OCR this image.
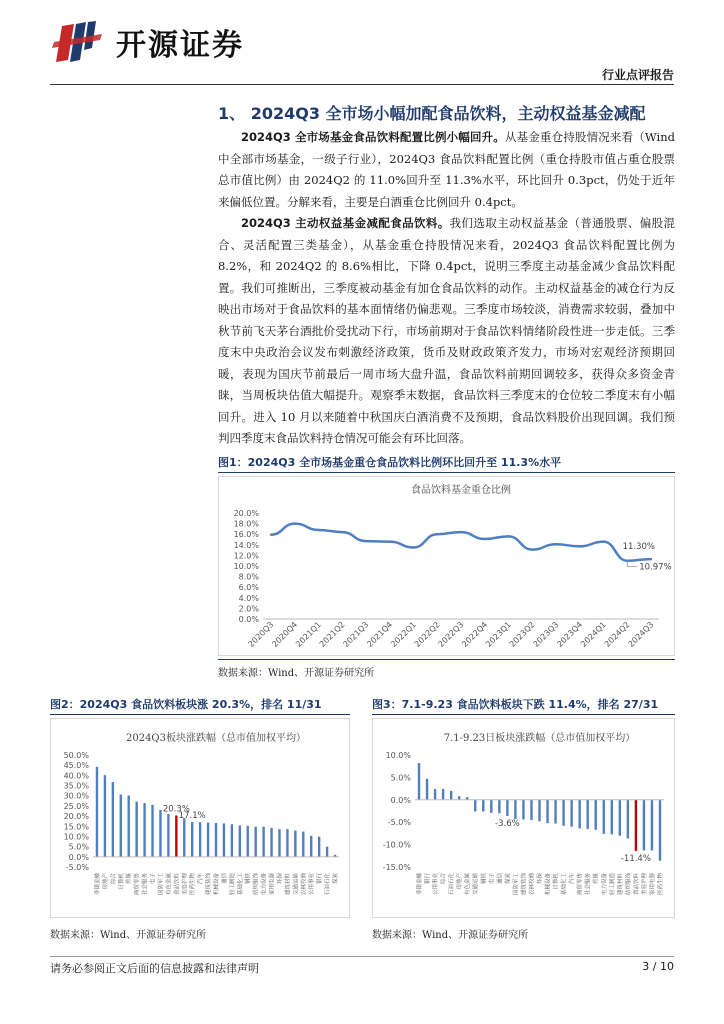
开源证券
行业点评报告
1、 2024Q3 全市场小幅加配食品饮料，主动权益基金减配
2024Q3 全市场基金食品饮料配置比例小幅回升。从基金重仓持股情况来看（Wind 中全部市场基金，一级子行业），2024Q3 食品饮料配置比例（重仓持股市值占重仓股票总市值比例）由 2024Q2 的 11.0%回升至 11.3%水平，环比回升 0.3pct，仍处于近年来偏低位置。分解来看，主要是白酒重仓比例回升 0.4pct。
2024Q3 主动权益基金减配食品饮料。我们选取主动权益基金（普通股票、偏股混合、灵活配置三类基金），从基金重仓持股情况来看，2024Q3 食品饮料配置比例为 8.2%，和 2024Q2 的 8.6%相比，下降 0.4pct，说明三季度主动基金减少食品饮料配置。我们可推断出，三季度被动基金有加仓食品饮料的动作。主动权益基金的减仓行为反映出市场对于食品饮料的基本面情绪仍偏悲观。三季度市场较淡，消费需求较弱，叠加中秋节前飞天茅台酒批价受扰动下行，市场前期对于食品饮料情绪阶段性进一步走低。三季度末中央政治会议发布刺激经济政策，货币及财政政策齐发力，市场对宏观经济预期回暖，表现为国庆节前最后一周市场大盘升温，食品饮料前期回调较多，获得众多资金青睐，当周板块估值大幅提升。观察季末数据，食品饮料三季度末的仓位较二季度末有小幅回升。进入 10 月以来随着中秋国庆白酒消费不及预期，食品饮料股价出现回调。我们预判四季度末食品饮料持仓情况可能会有环比回落。
图1：2024Q3 全市场基金重仓食品饮料比例环比回升至 11.3%水平
食品饮料基金重仓比例
0.0%
2.0%
4.0%
6.0%
8.0%
10.0%
12.0%
14.0%
16.0%
18.0%
20.0%
2020Q3
2020Q4
2021Q1
2021Q2
2021Q3
2021Q4
2022Q1
2022Q2
2022Q3
2022Q4
2023Q1
2023Q2
2023Q3
2023Q4
2024Q1
2024Q2
2024Q3
11.30%
10.97%
数据来源：Wind、开源证券研究所
图2：2024Q3 食品饮料板块涨 20.3%，排名 11/31
2024Q3板块涨跌幅（总市值加权平均）
-5.0%
0.0%
5.0%
10.0%
15.0%
20.0%
25.0%
30.0%
35.0%
40.0%
45.0%
50.0%
非银金融 房地产 综合 计算机 传媒 商贸零售 社会服务 电子 国防军工 有色金属 食品饮料 美容护理 医药生物 汽车 建筑装饰 机械设备 通信 轻工制造 基础化工 钢铁 纺织服饰 电力设备 家用电器 环保 建筑材料 交通运输 农林牧渔 公用事业 银行 石油石化 煤炭
20.3%
17.1%
数据来源：Wind、开源证券研究所
图3：7.1-9.23 食品饮料板块下跌 11.4%，排名 27/31
7.1-9.23日板块涨跌幅（总市值加权平均）
-15.0%
-10.0%
-5.0%
0.0%
5.0%
10.0%
非银金融 银行 公用事业 综合 石油石化 房地产 有色金属 交通运输 钢铁 电子 通信 煤炭 国防军工 建筑装饰 农林牧渔 环保 机械设备 计算机 基础化工 汽车 商贸零售 社会服务 传媒 电力设备 轻工制造 建筑材料 纺织服饰 食品饮料 美容护理 家用电器 医药生物
-3.6%
-11.4%
数据来源：Wind、开源证券研究所
请务必参阅正文后面的信息披露和法律声明	3 / 10
